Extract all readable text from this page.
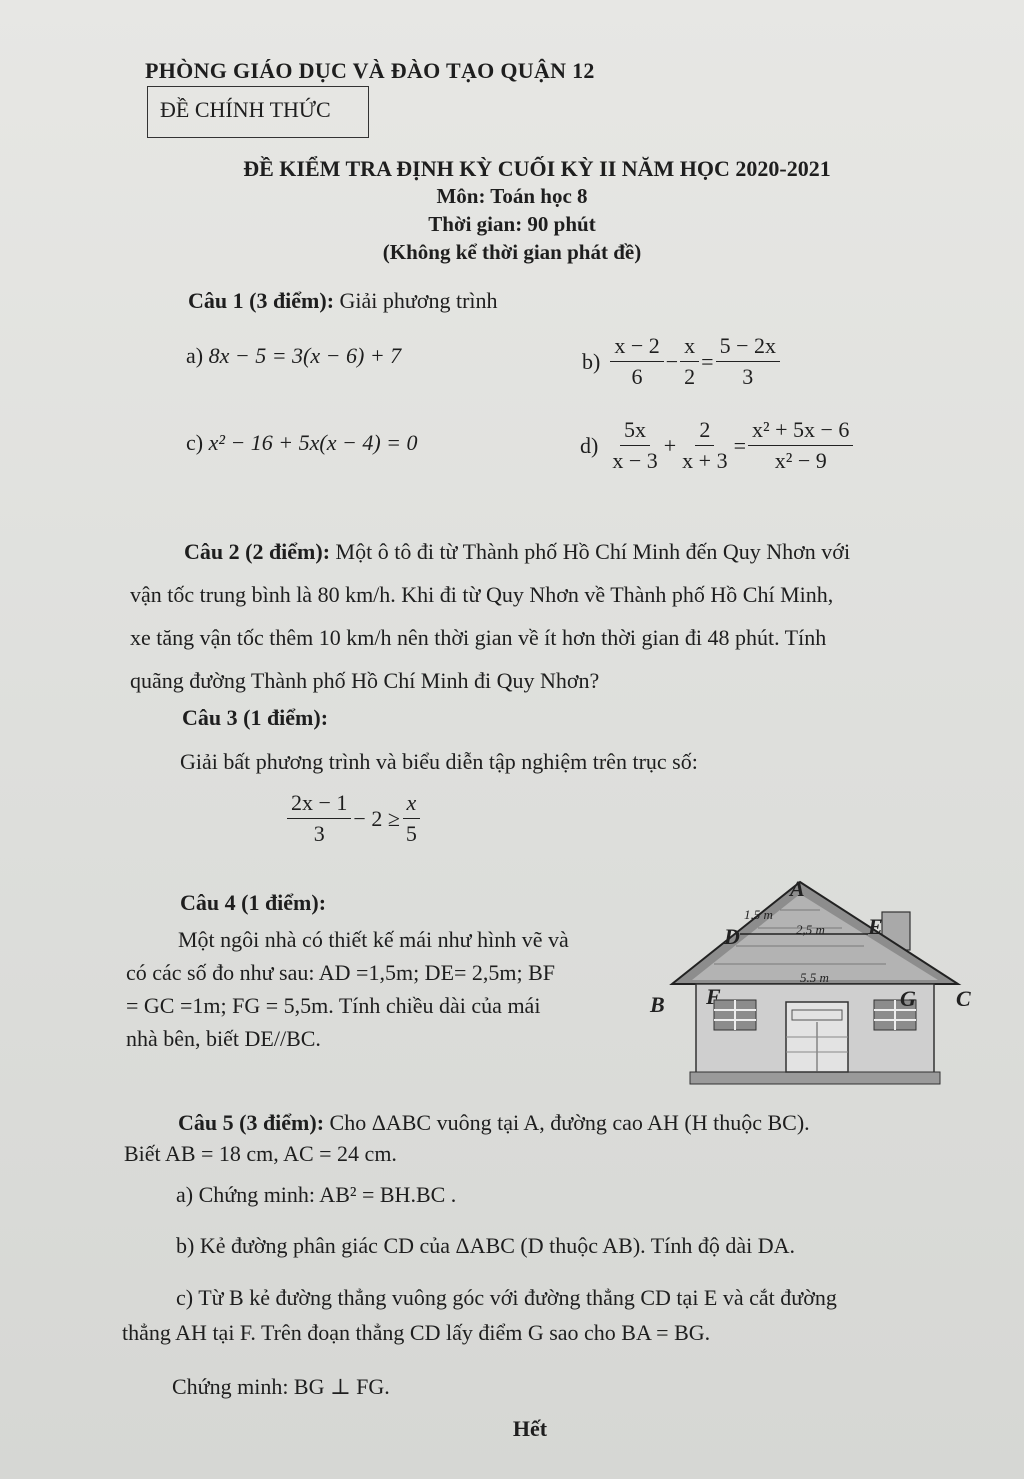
PHÒNG GIÁO DỤC VÀ ĐÀO TẠO QUẬN 12
ĐỀ CHÍNH THỨC
ĐỀ KIỂM TRA ĐỊNH KỲ CUỐI KỲ II NĂM HỌC 2020-2021
Môn: Toán học 8
Thời gian: 90 phút
(Không kể thời gian phát đề)
Câu 1 (3 điểm): Giải phương trình
a) 8x − 5 = 3(x − 6) + 7	$b) \frac{x - 2}{6} - \frac{x}{2} = \frac{5 - 2x}{3}$
c) x² − 16 + 5x(x − 4) = 0	$d) \frac{5x}{x - 3} + \frac{2}{x + 3} = \frac{\text{x² + 5x − 6}}{\text{x² − 9}}$
Câu 2 (2 điểm): Một ô tô đi từ Thành phố Hồ Chí Minh đến Quy Nhơn với
vận tốc trung bình là 80 km/h. Khi đi từ Quy Nhơn về Thành phố Hồ Chí Minh,
xe tăng vận tốc thêm 10 km/h nên thời gian về ít hơn thời gian đi 48 phút. Tính
quãng đường Thành phố Hồ Chí Minh đi Quy Nhơn?
Câu 3 (1 điểm):
Giải bất phương trình và biểu diễn tập nghiệm trên trục số:
$\frac{2x - 1}{3} - 2 \ge \frac{x}{5}$
Câu 4 (1 điểm):
Một ngôi nhà có thiết kế mái như hình vẽ và
có các số đo như sau: AD =1,5m; DE= 2,5m; BF
= GC =1m; FG = 5,5m. Tính chiều dài của mái
nhà bên, biết DE//BC.
A
B	C
D	E
F	G
1,5 m
2,5 m
5.5 m
Câu 5 (3 điểm): Cho ΔABC vuông tại A, đường cao AH (H thuộc BC).
Biết AB = 18 cm, AC = 24 cm.
a) Chứng minh: AB² = BH.BC .
b) Kẻ đường phân giác CD của ΔABC (D thuộc AB). Tính độ dài DA.
c) Từ B kẻ đường thẳng vuông góc với đường thẳng CD tại E và cắt đường
thẳng AH tại F. Trên đoạn thẳng CD lấy điểm G sao cho BA = BG.
Chứng minh: BG ⊥ FG.
Hết
